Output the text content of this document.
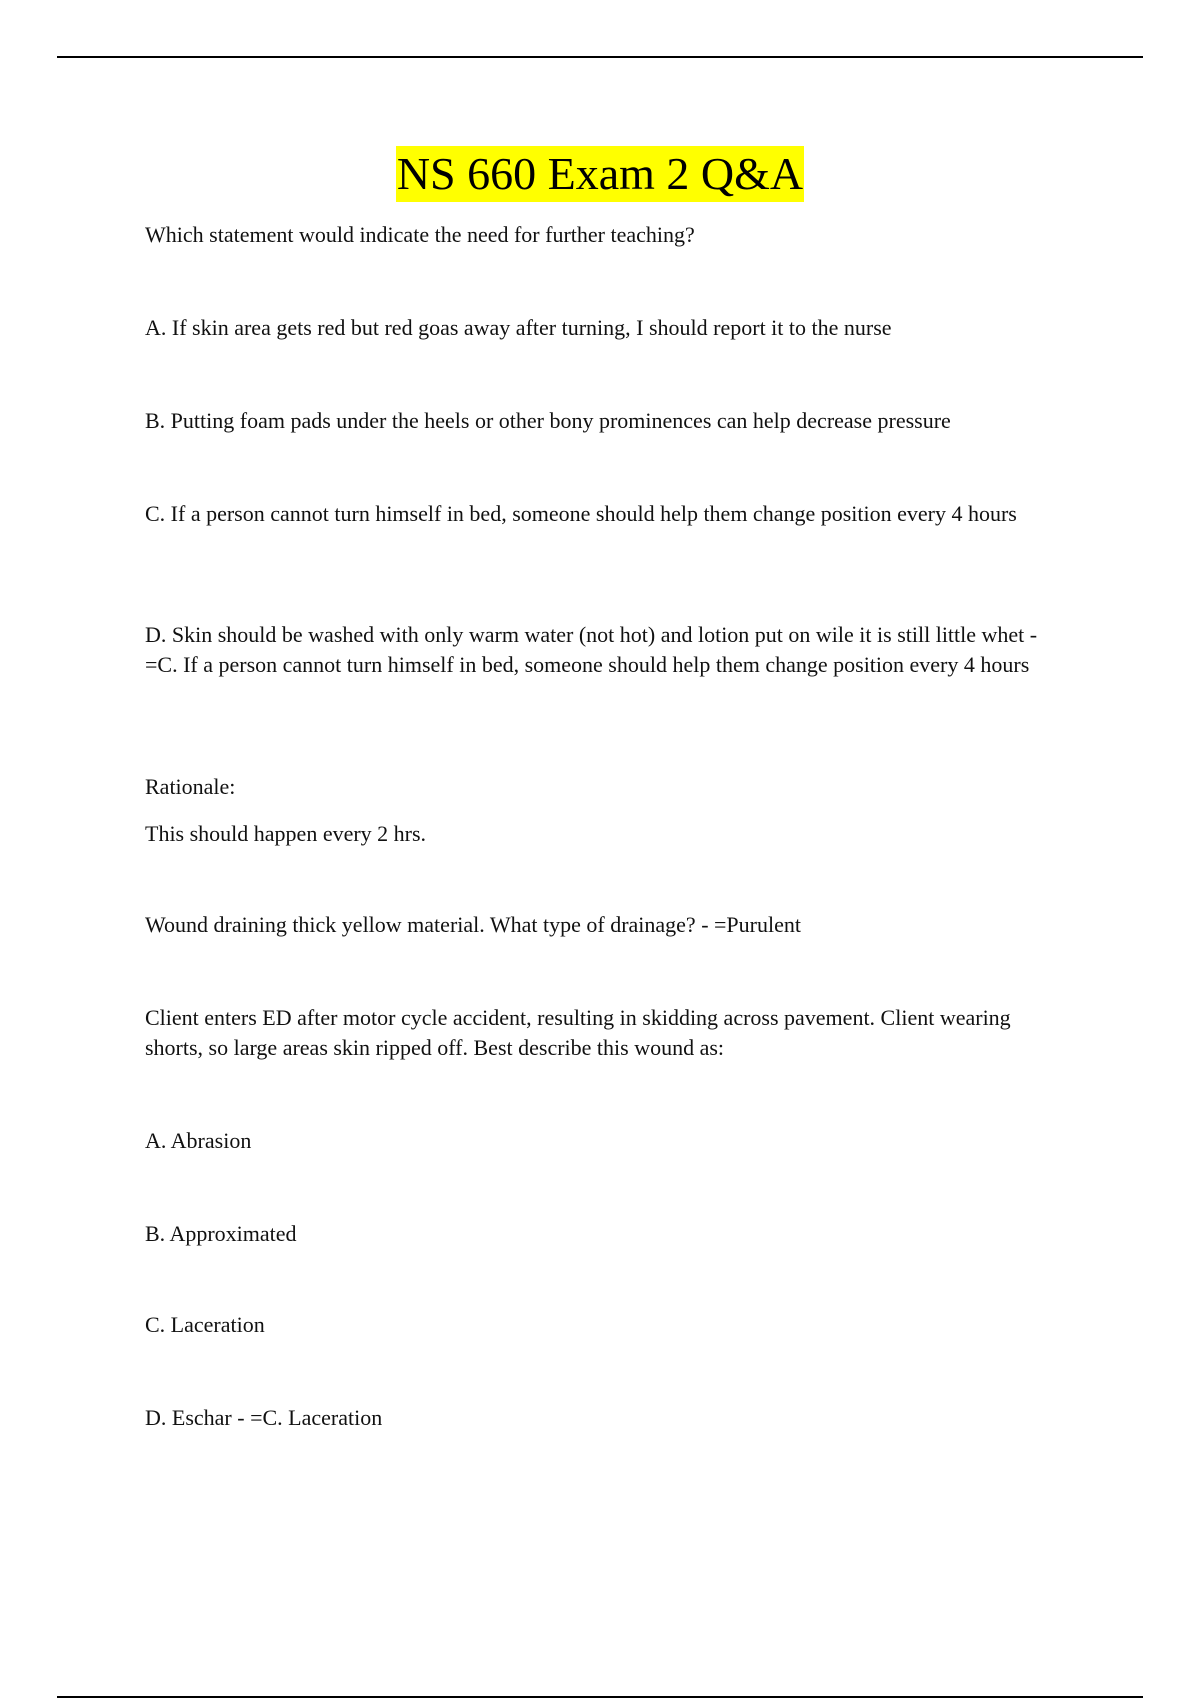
NS 660 Exam 2 Q&A

Which statement would indicate the need for further teaching?

A. If skin area gets red but red goas away after turning, I should report it to the nurse

B. Putting foam pads under the heels or other bony prominences can help decrease pressure

C. If a person cannot turn himself in bed, someone should help them change position every 4 hours

D. Skin should be washed with only warm water (not hot) and lotion put on wile it is still little whet - =C. If a person cannot turn himself in bed, someone should help them change position every 4 hours

Rationale:

This should happen every 2 hrs.

Wound draining thick yellow material. What type of drainage? - =Purulent

Client enters ED after motor cycle accident, resulting in skidding across pavement. Client wearing shorts, so large areas skin ripped off. Best describe this wound as:

A. Abrasion

B. Approximated

C. Laceration

D. Eschar - =C. Laceration
